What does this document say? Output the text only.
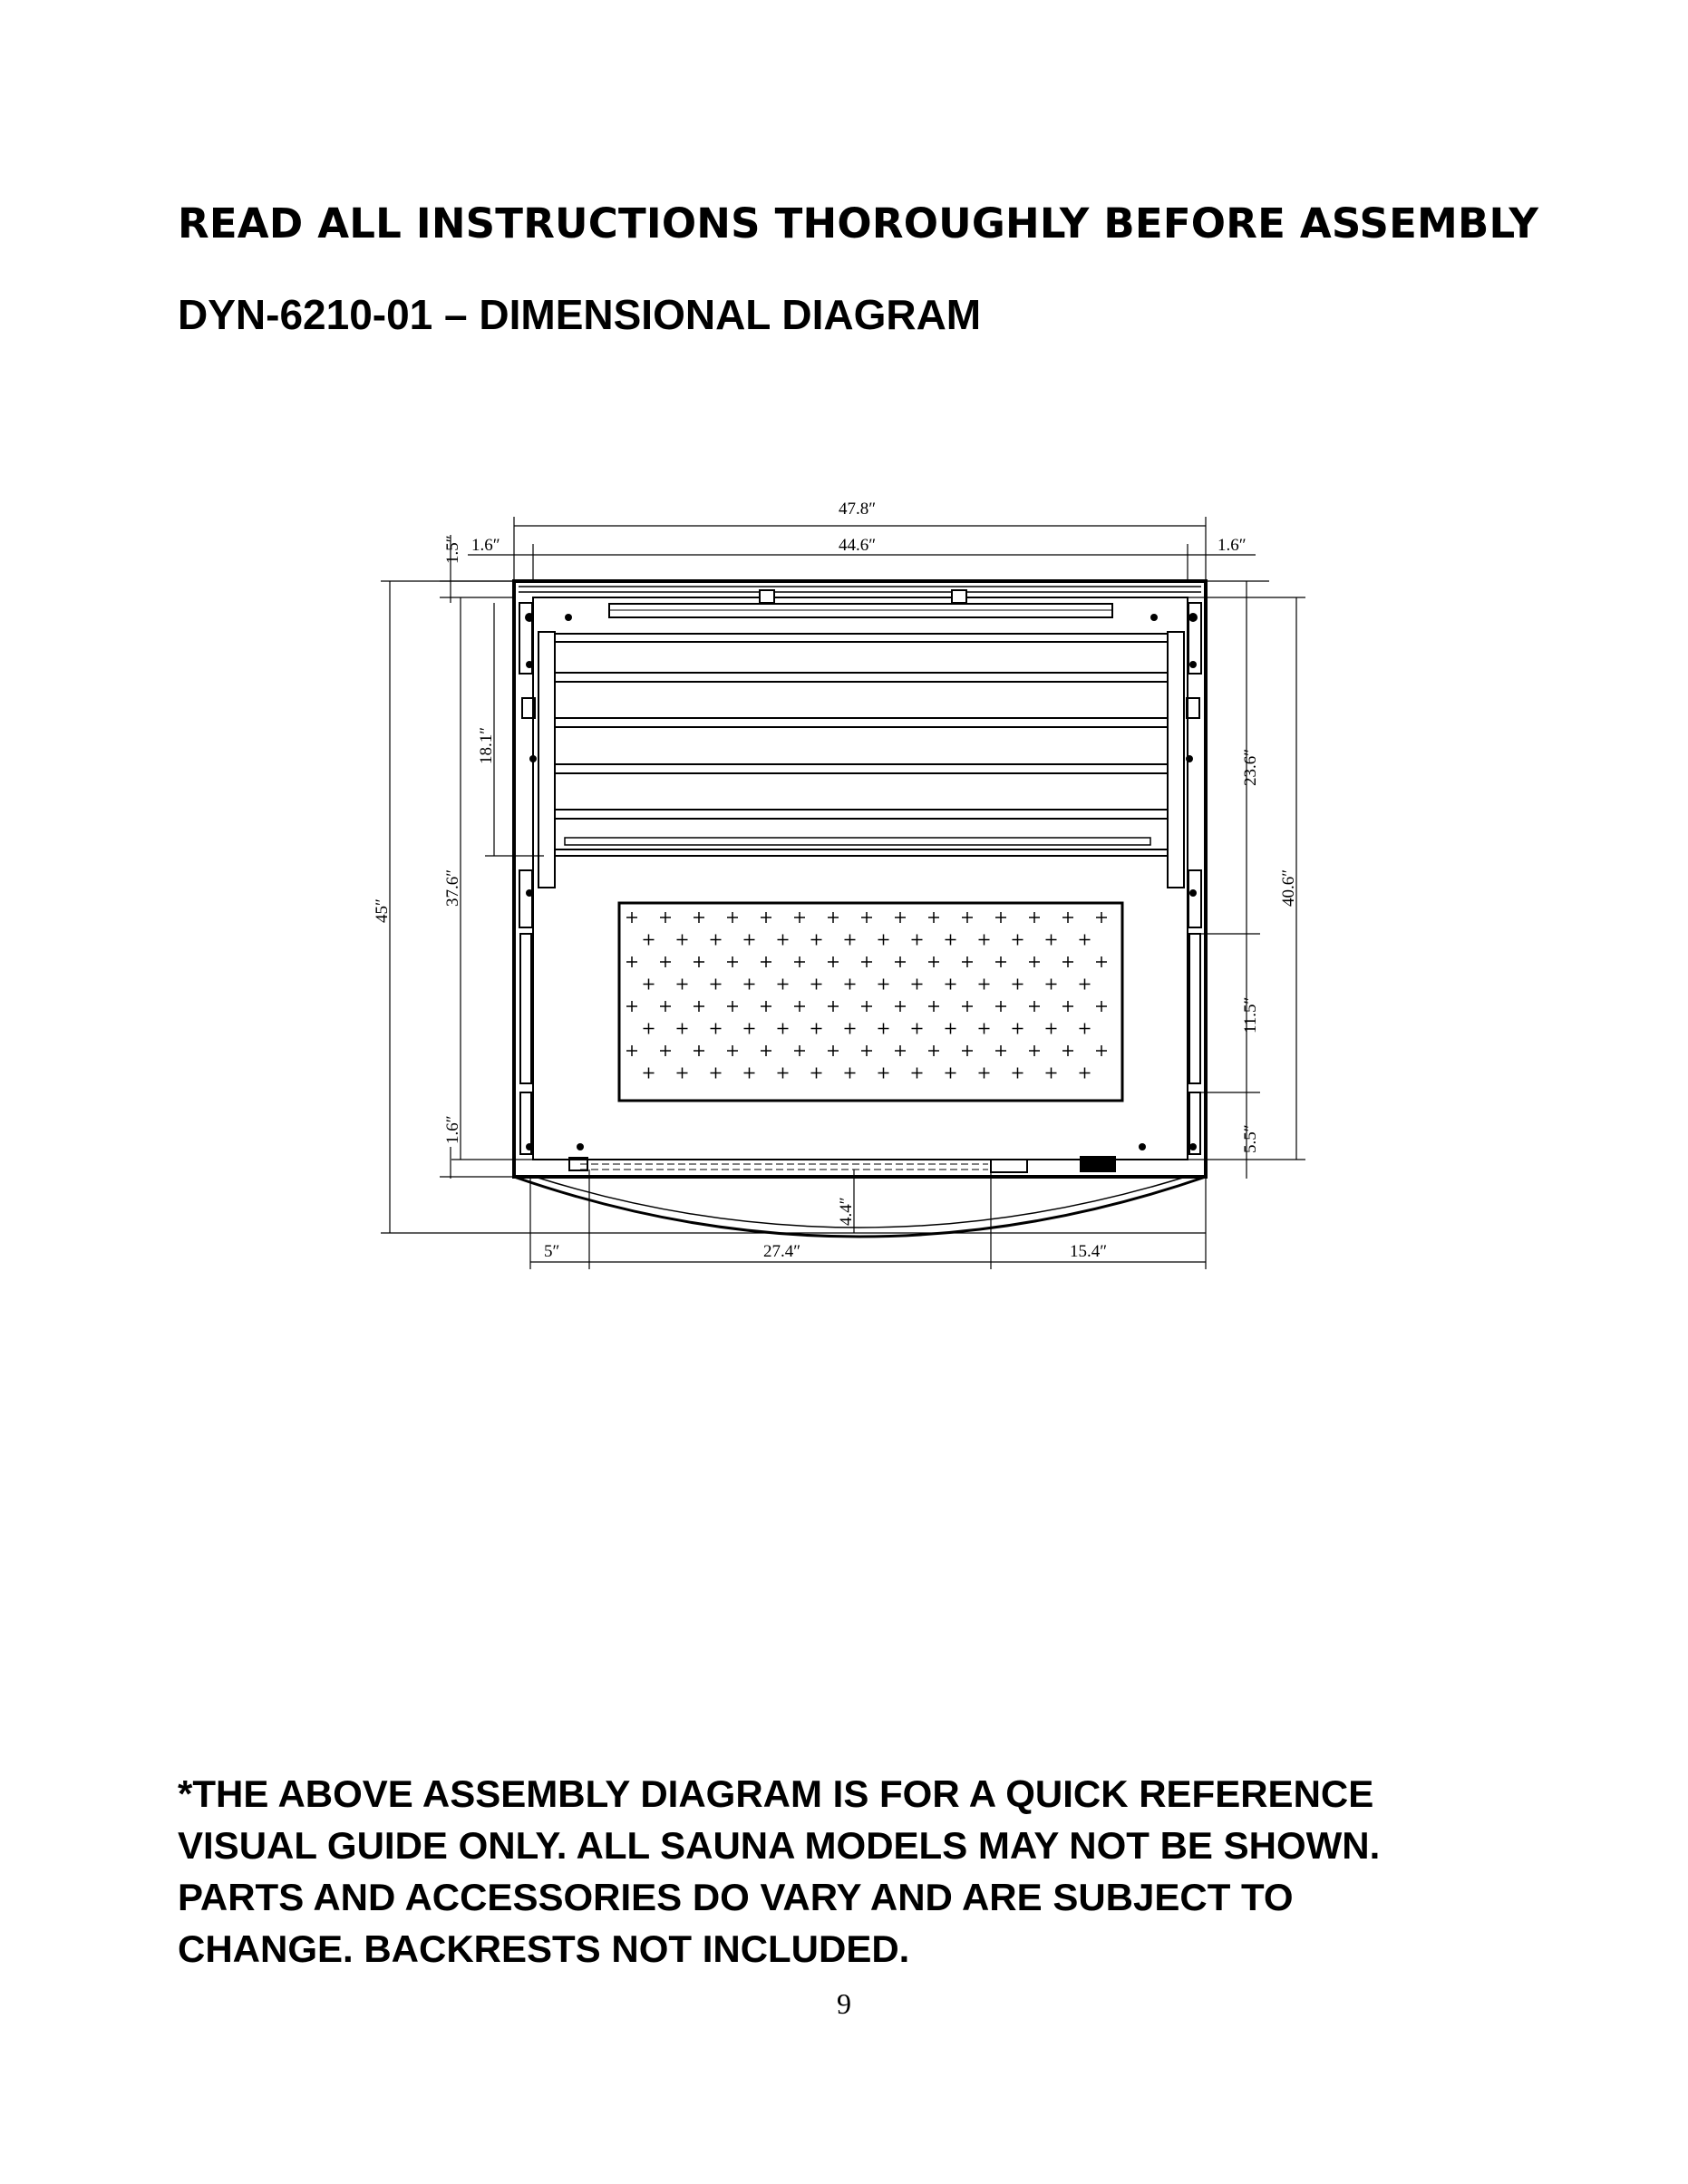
READ ALL INSTRUCTIONS THOROUGHLY BEFORE ASSEMBLY
DYN-6210-01 – DIMENSIONAL DIAGRAM
47.8″
44.6″
1.6″	1.6″
1.5″
45″
37.6″
18.1″
1.6″
23.6″
40.6″
11.5″
5.5″
4.4″
5″	27.4″	15.4″

*THE ABOVE ASSEMBLY DIAGRAM IS FOR A QUICK REFERENCE
VISUAL GUIDE ONLY. ALL SAUNA MODELS MAY NOT BE SHOWN.
PARTS AND ACCESSORIES DO VARY AND ARE SUBJECT TO
CHANGE. BACKRESTS NOT INCLUDED.

9
